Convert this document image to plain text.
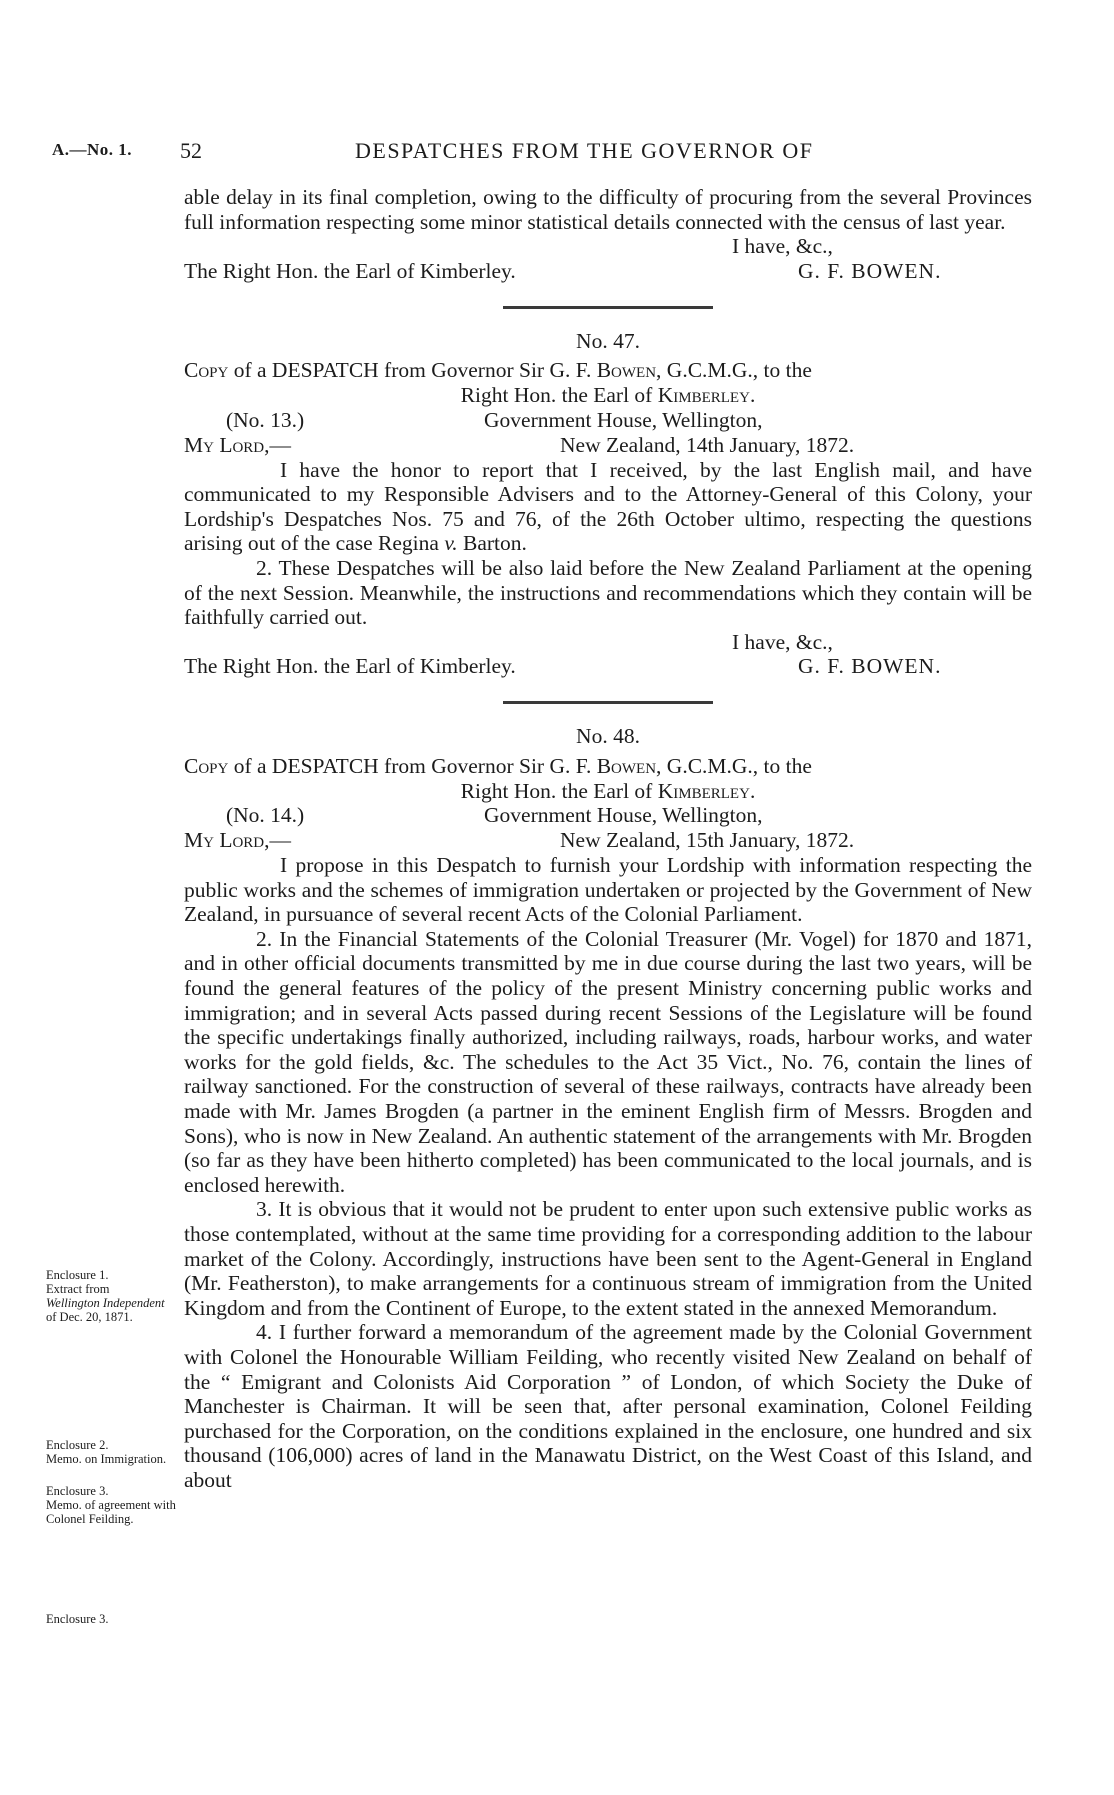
A.—No. 1. 52	DESPATCHES FROM THE GOVERNOR OF

able delay in its final completion, owing to the difficulty of procuring from the several Provinces full information respecting some minor statistical details connected with the census of last year.

I have, &c.,

The Right Hon. the Earl of Kimberley.	G. F. BOWEN.

No. 47.

Copy of a DESPATCH from Governor Sir G. F. Bowen, G.C.M.G., to the

Right Hon. the Earl of Kimberley.

(No. 13.)	Government House, Wellington,
My Lord,—	New Zealand, 14th January, 1872.

I have the honor to report that I received, by the last English mail, and have communicated to my Responsible Advisers and to the Attorney-General of this Colony, your Lordship's Despatches Nos. 75 and 76, of the 26th October ultimo, respecting the questions arising out of the case Regina v. Barton.

2. These Despatches will be also laid before the New Zealand Parliament at the opening of the next Session. Meanwhile, the instructions and recommendations which they contain will be faithfully carried out.

I have, &c.,

The Right Hon. the Earl of Kimberley.	G. F. BOWEN.

No. 48.

Copy of a DESPATCH from Governor Sir G. F. Bowen, G.C.M.G., to the

Right Hon. the Earl of Kimberley.

(No. 14.)	Government House, Wellington,
My Lord,—	New Zealand, 15th January, 1872.

I propose in this Despatch to furnish your Lordship with information respecting the public works and the schemes of immigration undertaken or projected by the Government of New Zealand, in pursuance of several recent Acts of the Colonial Parliament.

2. In the Financial Statements of the Colonial Treasurer (Mr. Vogel) for 1870 and 1871, and in other official documents transmitted by me in due course during the last two years, will be found the general features of the policy of the present Ministry concerning public works and immigration; and in several Acts passed during recent Sessions of the Legislature will be found the specific undertakings finally authorized, including railways, roads, harbour works, and water works for the gold fields, &c. The schedules to the Act 35 Vict., No. 76, contain the lines of railway sanctioned. For the construction of several of these railways, contracts have already been made with Mr. James Brogden (a partner in the eminent English firm of Messrs. Brogden and Sons), who is now in New Zealand. An authentic statement of the arrangements with Mr. Brogden (so far as they have been hitherto completed) has been communicated to the local journals, and is enclosed herewith.

3. It is obvious that it would not be prudent to enter upon such extensive public works as those contemplated, without at the same time providing for a corresponding addition to the labour market of the Colony. Accordingly, instructions have been sent to the Agent-General in England (Mr. Featherston), to make arrangements for a continuous stream of immigration from the United Kingdom and from the Continent of Europe, to the extent stated in the annexed Memorandum.

4. I further forward a memorandum of the agreement made by the Colonial Government with Colonel the Honourable William Feilding, who recently visited New Zealand on behalf of the “ Emigrant and Colonists Aid Corporation ” of London, of which Society the Duke of Manchester is Chairman. It will be seen that, after personal examination, Colonel Feilding purchased for the Corporation, on the conditions explained in the enclosure, one hundred and six thousand (106,000) acres of land in the Manawatu District, on the West Coast of this Island, and about

Enclosure 1.
Extract from
Wellington Independent
of Dec. 20, 1871.
Enclosure 2.
Memo. on Immigration.
Enclosure 3.
Memo. of agreement with Colonel Feilding.
Enclosure 3.
